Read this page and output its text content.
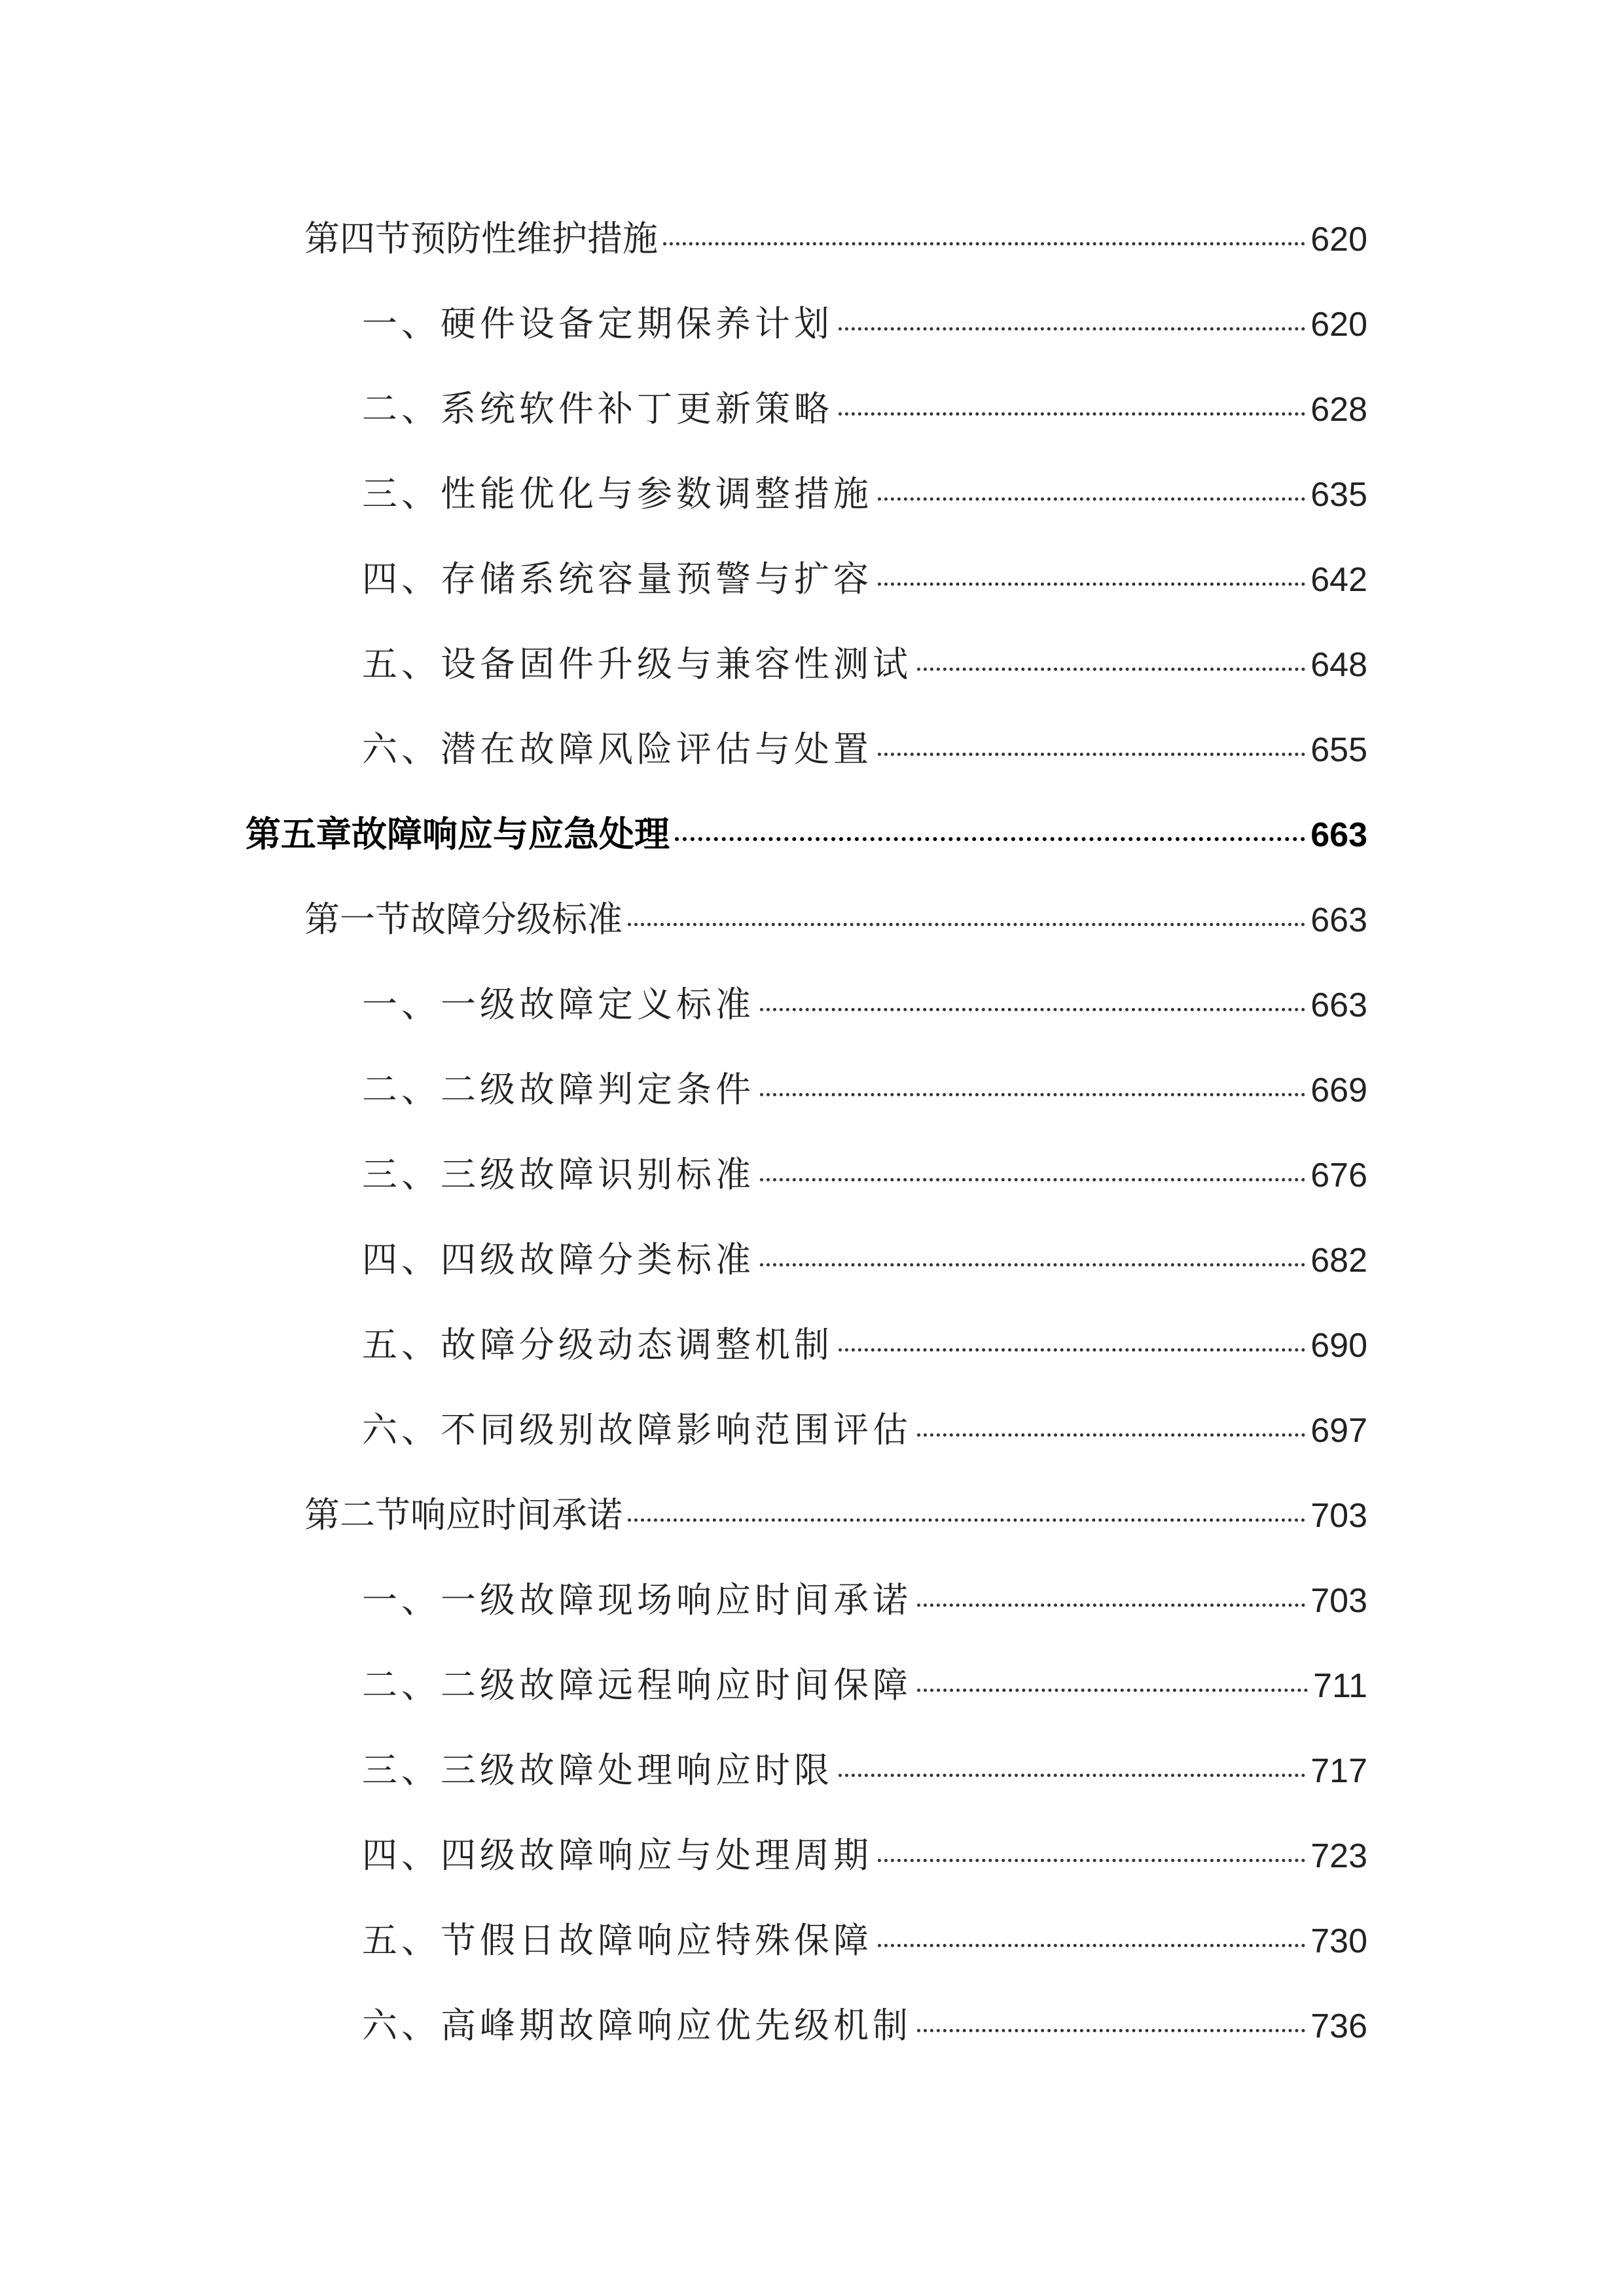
第四节预防性维护措施	620
一、硬件设备定期保养计划	620
二、系统软件补丁更新策略	628
三、性能优化与参数调整措施	635
四、存储系统容量预警与扩容	642
五、设备固件升级与兼容性测试	648
六、潜在故障风险评估与处置	655
第五章故障响应与应急处理	663
第一节故障分级标准	663
一、一级故障定义标准	663
二、二级故障判定条件	669
三、三级故障识别标准	676
四、四级故障分类标准	682
五、故障分级动态调整机制	690
六、不同级别故障影响范围评估	697
第二节响应时间承诺	703
一、一级故障现场响应时间承诺	703
二、二级故障远程响应时间保障	711
三、三级故障处理响应时限	717
四、四级故障响应与处理周期	723
五、节假日故障响应特殊保障	730
六、高峰期故障响应优先级机制	736
